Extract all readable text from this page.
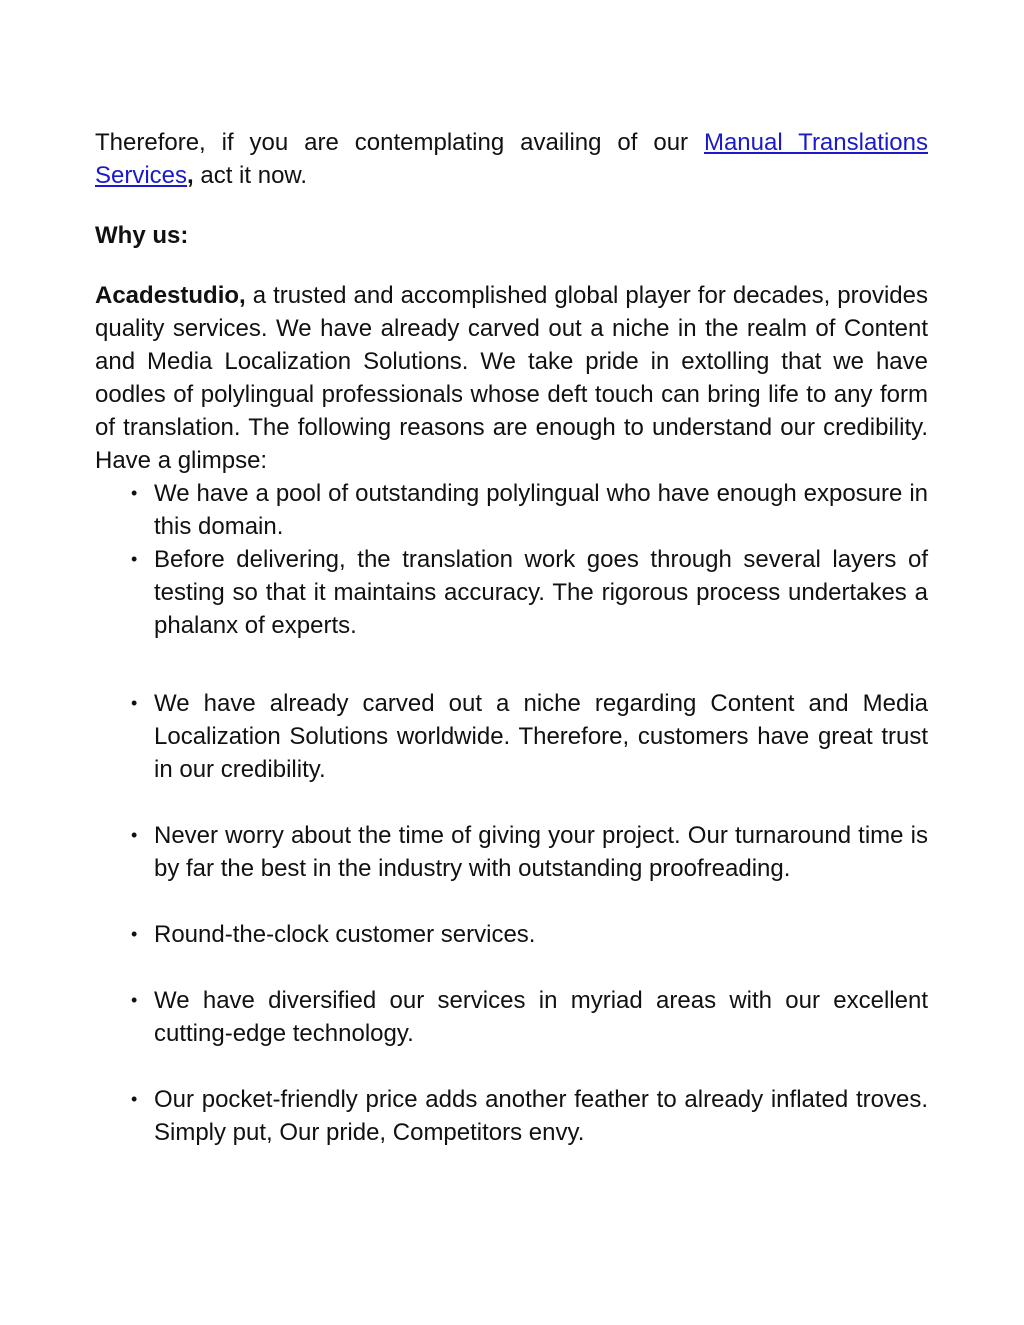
Therefore, if you are contemplating availing of our Manual Translations Services, act it now.

Why us:

Acadestudio, a trusted and accomplished global player for decades, provides quality services. We have already carved out a niche in the realm of Content and Media Localization Solutions. We take pride in extolling that we have oodles of polylingual professionals whose deft touch can bring life to any form of translation. The following reasons are enough to understand our credibility. Have a glimpse:

• We have a pool of outstanding polylingual who have enough exposure in this domain.
• Before delivering, the translation work goes through several layers of testing so that it maintains accuracy. The rigorous process undertakes a phalanx of experts.
• We have already carved out a niche regarding Content and Media Localization Solutions worldwide. Therefore, customers have great trust in our credibility.
• Never worry about the time of giving your project. Our turnaround time is by far the best in the industry with outstanding proofreading.
• Round-the-clock customer services.
• We have diversified our services in myriad areas with our excellent cutting-edge technology.
• Our pocket-friendly price adds another feather to already inflated troves. Simply put, Our pride, Competitors envy.
